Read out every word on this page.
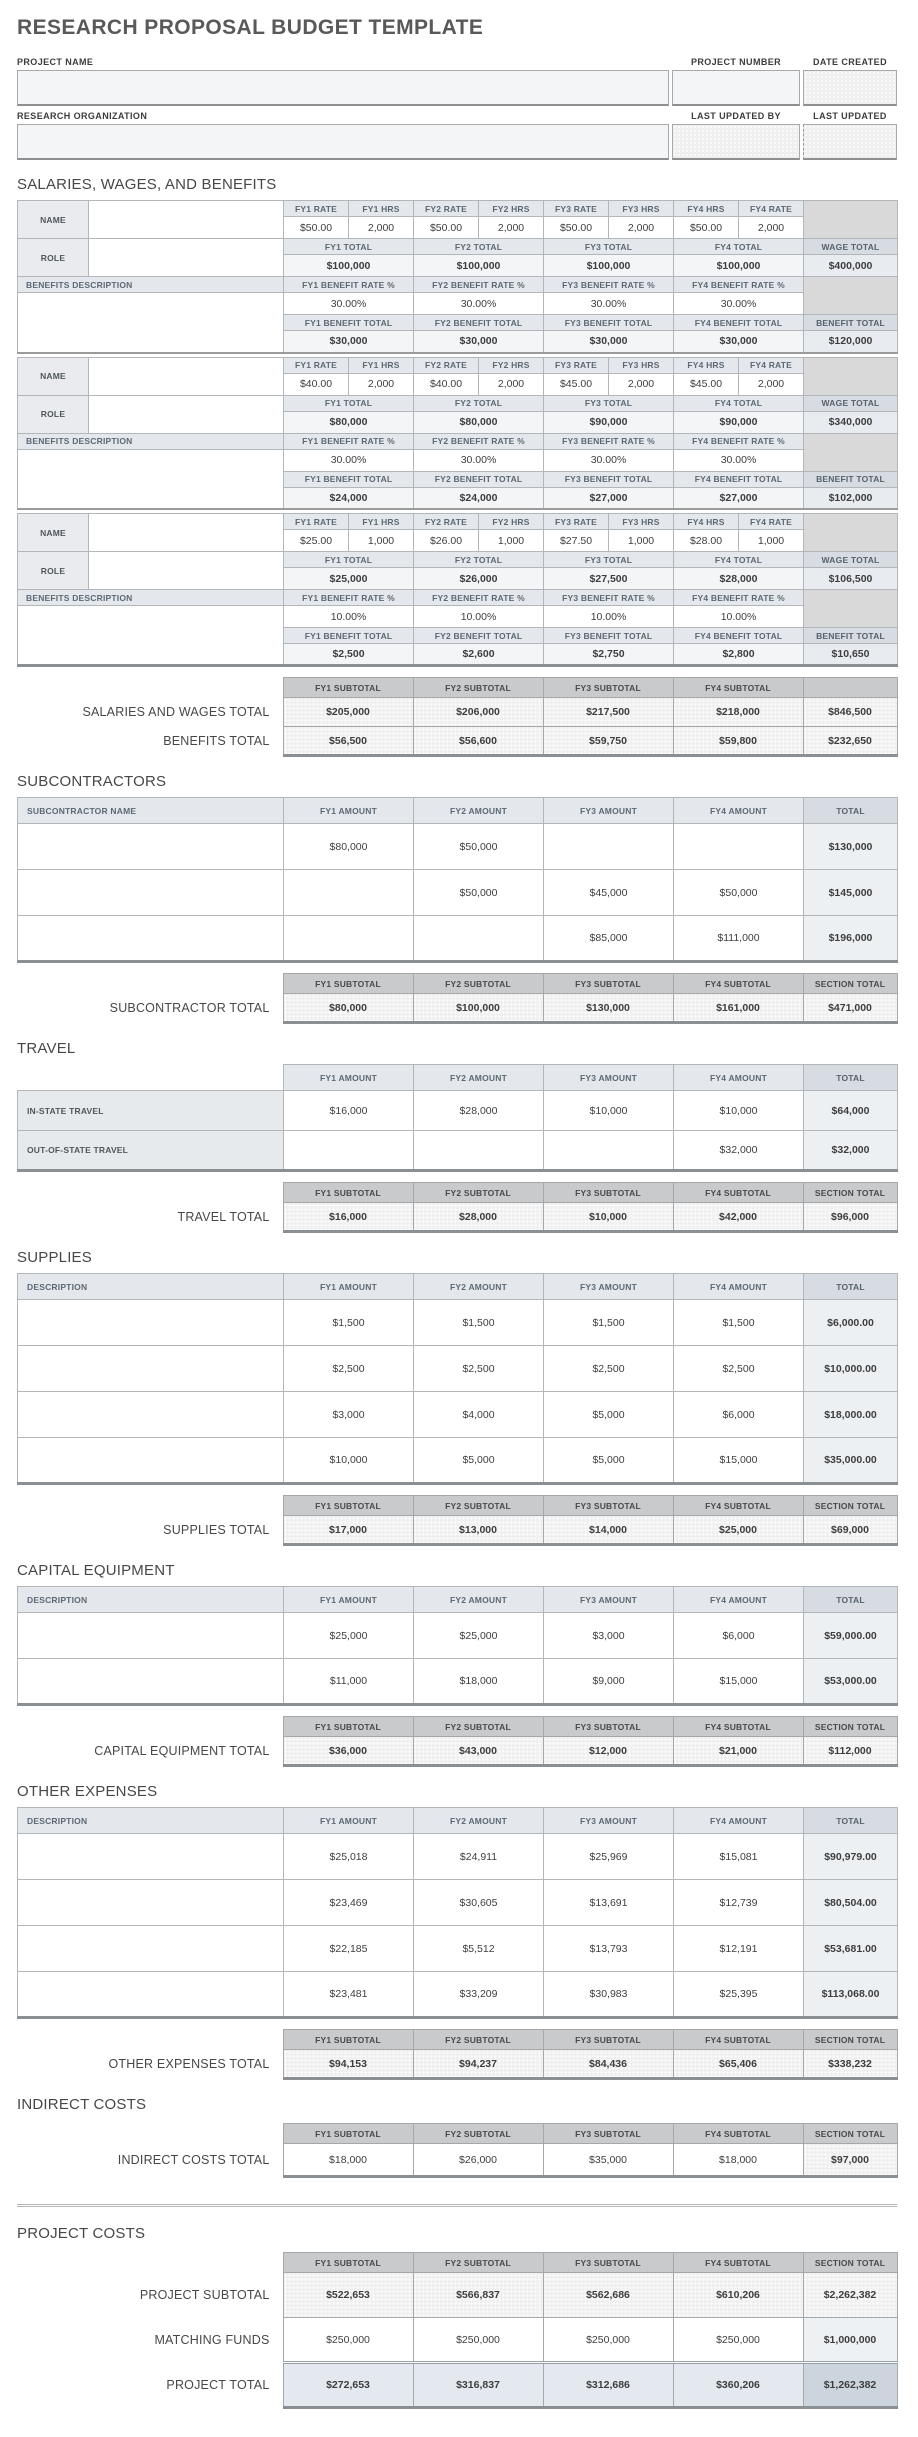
RESEARCH PROPOSAL BUDGET TEMPLATE
PROJECT NAME	PROJECT NUMBER	DATE CREATED
RESEARCH ORGANIZATION	LAST UPDATED BY	LAST UPDATED
SALARIES, WAGES, AND BENEFITS
NAME		FY1 RATE	FY1 HRS	FY2 RATE	FY2 HRS	FY3 RATE	FY3 HRS	FY4 HRS	FY4 RATE	
		$50.00	2,000	$50.00	2,000	$50.00	2,000	$50.00	2,000	
ROLE		FY1 TOTAL		FY2 TOTAL		FY3 TOTAL		FY4 TOTAL		WAGE TOTAL
		$100,000		$100,000		$100,000		$100,000		$400,000
BENEFITS DESCRIPTION		FY1 BENEFIT RATE %		FY2 BENEFIT RATE %		FY3 BENEFIT RATE %		FY4 BENEFIT RATE %		
		30.00%		30.00%		30.00%		30.00%		
		FY1 BENEFIT TOTAL		FY2 BENEFIT TOTAL		FY3 BENEFIT TOTAL		FY4 BENEFIT TOTAL		BENEFIT TOTAL
		$30,000		$30,000		$30,000		$30,000		$120,000
NAME		FY1 RATE	FY1 HRS	FY2 RATE	FY2 HRS	FY3 RATE	FY3 HRS	FY4 HRS	FY4 RATE	
		$40.00	2,000	$40.00	2,000	$45.00	2,000	$45.00	2,000	
ROLE		FY1 TOTAL		FY2 TOTAL		FY3 TOTAL		FY4 TOTAL		WAGE TOTAL
		$80,000		$80,000		$90,000		$90,000		$340,000
BENEFITS DESCRIPTION		FY1 BENEFIT RATE %		FY2 BENEFIT RATE %		FY3 BENEFIT RATE %		FY4 BENEFIT RATE %		
		30.00%		30.00%		30.00%		30.00%		
		FY1 BENEFIT TOTAL		FY2 BENEFIT TOTAL		FY3 BENEFIT TOTAL		FY4 BENEFIT TOTAL		BENEFIT TOTAL
		$24,000		$24,000		$27,000		$27,000		$102,000
NAME		FY1 RATE	FY1 HRS	FY2 RATE	FY2 HRS	FY3 RATE	FY3 HRS	FY4 HRS	FY4 RATE	
		$25.00	1,000	$26.00	1,000	$27.50	1,000	$28.00	1,000	
ROLE		FY1 TOTAL		FY2 TOTAL		FY3 TOTAL		FY4 TOTAL		WAGE TOTAL
		$25,000		$26,000		$27,500		$28,000		$106,500
BENEFITS DESCRIPTION		FY1 BENEFIT RATE %		FY2 BENEFIT RATE %		FY3 BENEFIT RATE %		FY4 BENEFIT RATE %		
		10.00%		10.00%		10.00%		10.00%		
		FY1 BENEFIT TOTAL		FY2 BENEFIT TOTAL		FY3 BENEFIT TOTAL		FY4 BENEFIT TOTAL		BENEFIT TOTAL
		$2,500		$2,600		$2,750		$2,800		$10,650
	FY1 SUBTOTAL	FY2 SUBTOTAL	FY3 SUBTOTAL	FY4 SUBTOTAL	
SALARIES AND WAGES TOTAL	$205,000	$206,000	$217,500	$218,000	$846,500
BENEFITS TOTAL	$56,500	$56,600	$59,750	$59,800	$232,650
SUBCONTRACTORS
SUBCONTRACTOR NAME	FY1 AMOUNT	FY2 AMOUNT	FY3 AMOUNT	FY4 AMOUNT	TOTAL
	$80,000	$50,000			$130,000
		$50,000	$45,000	$50,000	$145,000
			$85,000	$111,000	$196,000
	FY1 SUBTOTAL	FY2 SUBTOTAL	FY3 SUBTOTAL	FY4 SUBTOTAL	SECTION TOTAL
SUBCONTRACTOR TOTAL	$80,000	$100,000	$130,000	$161,000	$471,000
TRAVEL
	FY1 AMOUNT	FY2 AMOUNT	FY3 AMOUNT	FY4 AMOUNT	TOTAL
IN-STATE TRAVEL	$16,000	$28,000	$10,000	$10,000	$64,000
OUT-OF-STATE TRAVEL				$32,000	$32,000
	FY1 SUBTOTAL	FY2 SUBTOTAL	FY3 SUBTOTAL	FY4 SUBTOTAL	SECTION TOTAL
TRAVEL TOTAL	$16,000	$28,000	$10,000	$42,000	$96,000
SUPPLIES
DESCRIPTION	FY1 AMOUNT	FY2 AMOUNT	FY3 AMOUNT	FY4 AMOUNT	TOTAL
	$1,500	$1,500	$1,500	$1,500	$6,000.00
	$2,500	$2,500	$2,500	$2,500	$10,000.00
	$3,000	$4,000	$5,000	$6,000	$18,000.00
	$10,000	$5,000	$5,000	$15,000	$35,000.00
	FY1 SUBTOTAL	FY2 SUBTOTAL	FY3 SUBTOTAL	FY4 SUBTOTAL	SECTION TOTAL
SUPPLIES TOTAL	$17,000	$13,000	$14,000	$25,000	$69,000
CAPITAL EQUIPMENT
DESCRIPTION	FY1 AMOUNT	FY2 AMOUNT	FY3 AMOUNT	FY4 AMOUNT	TOTAL
	$25,000	$25,000	$3,000	$6,000	$59,000.00
	$11,000	$18,000	$9,000	$15,000	$53,000.00
	FY1 SUBTOTAL	FY2 SUBTOTAL	FY3 SUBTOTAL	FY4 SUBTOTAL	SECTION TOTAL
CAPITAL EQUIPMENT TOTAL	$36,000	$43,000	$12,000	$21,000	$112,000
OTHER EXPENSES
DESCRIPTION	FY1 AMOUNT	FY2 AMOUNT	FY3 AMOUNT	FY4 AMOUNT	TOTAL
	$25,018	$24,911	$25,969	$15,081	$90,979.00
	$23,469	$30,605	$13,691	$12,739	$80,504.00
	$22,185	$5,512	$13,793	$12,191	$53,681.00
	$23,481	$33,209	$30,983	$25,395	$113,068.00
	FY1 SUBTOTAL	FY2 SUBTOTAL	FY3 SUBTOTAL	FY4 SUBTOTAL	SECTION TOTAL
OTHER EXPENSES TOTAL	$94,153	$94,237	$84,436	$65,406	$338,232
INDIRECT COSTS
	FY1 SUBTOTAL	FY2 SUBTOTAL	FY3 SUBTOTAL	FY4 SUBTOTAL	SECTION TOTAL
INDIRECT COSTS TOTAL	$18,000	$26,000	$35,000	$18,000	$97,000
PROJECT COSTS
	FY1 SUBTOTAL	FY2 SUBTOTAL	FY3 SUBTOTAL	FY4 SUBTOTAL	SECTION TOTAL
PROJECT SUBTOTAL	$522,653	$566,837	$562,686	$610,206	$2,262,382
MATCHING FUNDS	$250,000	$250,000	$250,000	$250,000	$1,000,000
PROJECT TOTAL	$272,653	$316,837	$312,686	$360,206	$1,262,382
